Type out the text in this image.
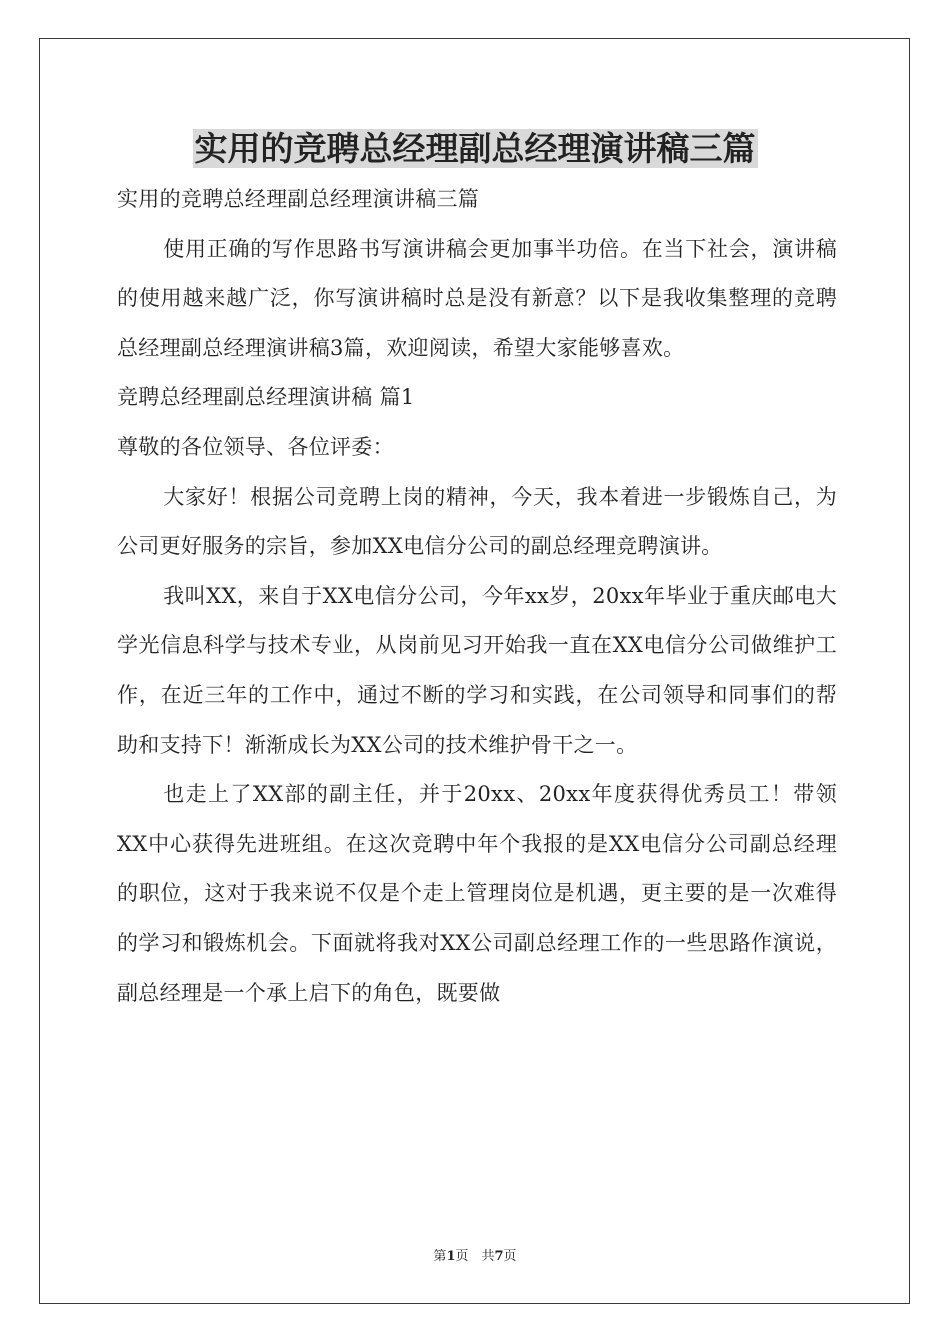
实用的竞聘总经理副总经理演讲稿三篇

实用的竞聘总经理副总经理演讲稿三篇

使用正确的写作思路书写演讲稿会更加事半功倍。在当下社会，演讲稿的使用越来越广泛，你写演讲稿时总是没有新意？以下是我收集整理的竞聘总经理副总经理演讲稿3篇，欢迎阅读，希望大家能够喜欢。

竞聘总经理副总经理演讲稿 篇1

尊敬的各位领导、各位评委：

大家好！根据公司竞聘上岗的精神，今天，我本着进一步锻炼自己，为公司更好服务的宗旨，参加XX电信分公司的副总经理竞聘演讲。

我叫XX，来自于XX电信分公司，今年xx岁，20xx年毕业于重庆邮电大学光信息科学与技术专业，从岗前见习开始我一直在XX电信分公司做维护工作，在近三年的工作中，通过不断的学习和实践，在公司领导和同事们的帮助和支持下！渐渐成长为XX公司的技术维护骨干之一。

也走上了XX部的副主任，并于20xx、20xx年度获得优秀员工！带领XX中心获得先进班组。在这次竞聘中年个我报的是XX电信分公司副总经理的职位，这对于我来说不仅是个走上管理岗位是机遇，更主要的是一次难得的学习和锻炼机会。下面就将我对XX公司副总经理工作的一些思路作演说，副总经理是一个承上启下的角色，既要做

第1页　共7页
